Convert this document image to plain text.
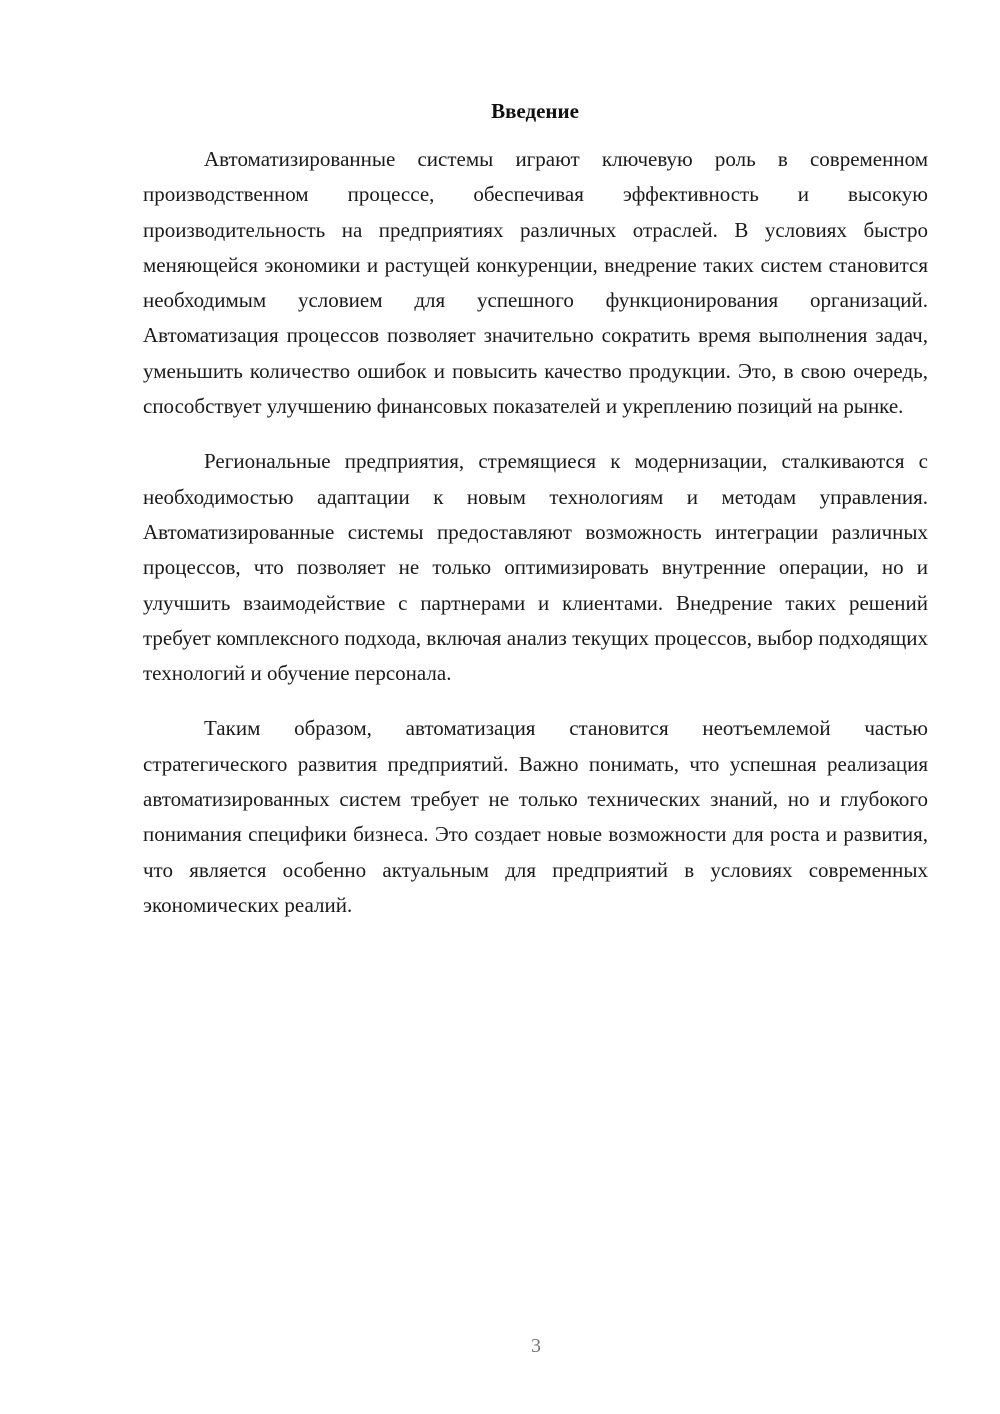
Введение

Автоматизированные системы играют ключевую роль в современном производственном процессе, обеспечивая эффективность и высокую производительность на предприятиях различных отраслей. В условиях быстро меняющейся экономики и растущей конкуренции, внедрение таких систем становится необходимым условием для успешного функционирования организаций. Автоматизация процессов позволяет значительно сократить время выполнения задач, уменьшить количество ошибок и повысить качество продукции. Это, в свою очередь, способствует улучшению финансовых показателей и укреплению позиций на рынке.

Региональные предприятия, стремящиеся к модернизации, сталкиваются с необходимостью адаптации к новым технологиям и методам управления. Автоматизированные системы предоставляют возможность интеграции различных процессов, что позволяет не только оптимизировать внутренние операции, но и улучшить взаимодействие с партнерами и клиентами. Внедрение таких решений требует комплексного подхода, включая анализ текущих процессов, выбор подходящих технологий и обучение персонала.

Таким образом, автоматизация становится неотъемлемой частью стратегического развития предприятий. Важно понимать, что успешная реализация автоматизированных систем требует не только технических знаний, но и глубокого понимания специфики бизнеса. Это создает новые возможности для роста и развития, что является особенно актуальным для предприятий в условиях современных экономических реалий.

3
